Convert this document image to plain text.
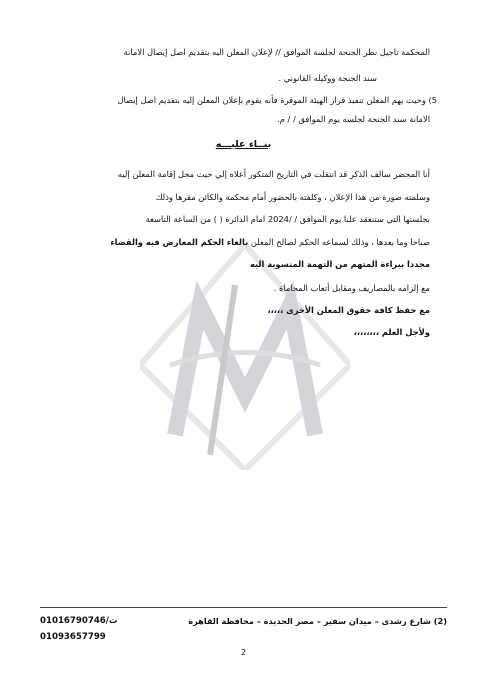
المحكمة تاجيل نظر الجنحة لجلسة الموافق // لإعلان المعلن اليه بتقديم اصل إيصال الامانة
سند الجنحة ووكيله القانوني .
5) وحيث يهم المعلن تنفيذ قرار الهيئة الموقرة فأنه يقوم بإعلان المعلن إليه بتقديم اصل إيصال
الامانة سند الجنحة لجلسه يوم الموافق / / م.
بنــاء عليـــه
أنا المحضر سالف الذكر قد انتقلت في التاريخ المتكور أعلاه إلي حيث محل إقامة المعلن إليه
وسلمته صورة من هذا الإعلان ، وكلفته بالحضور أمام محكمة والكائن مقرها وذلك
بجلستها التي ستنعقد علنا يوم الموافق / /2024 امام الدائرة ( ) من الساعة التاسعة
صباحا وما بعدها ، وذلك لسماعه الحكم لصالح المعلن بالغاء الحكم المعارض فيه والقضاء
مجددا ببراءة المتهم من التهمة المنسوبة اليه
مع إلزامه بالمصاريف ومقابل أتعاب المحاماة .
مع حفظ كافة حقوق المعلن الأخرى ،،،،،
ولأجل العلم ،،،،،،،،
(2) شارع رشدى – ميدان سفير – مصر الجديدة – محافظة القاهرة
ت/01016790746
01093657799
2
